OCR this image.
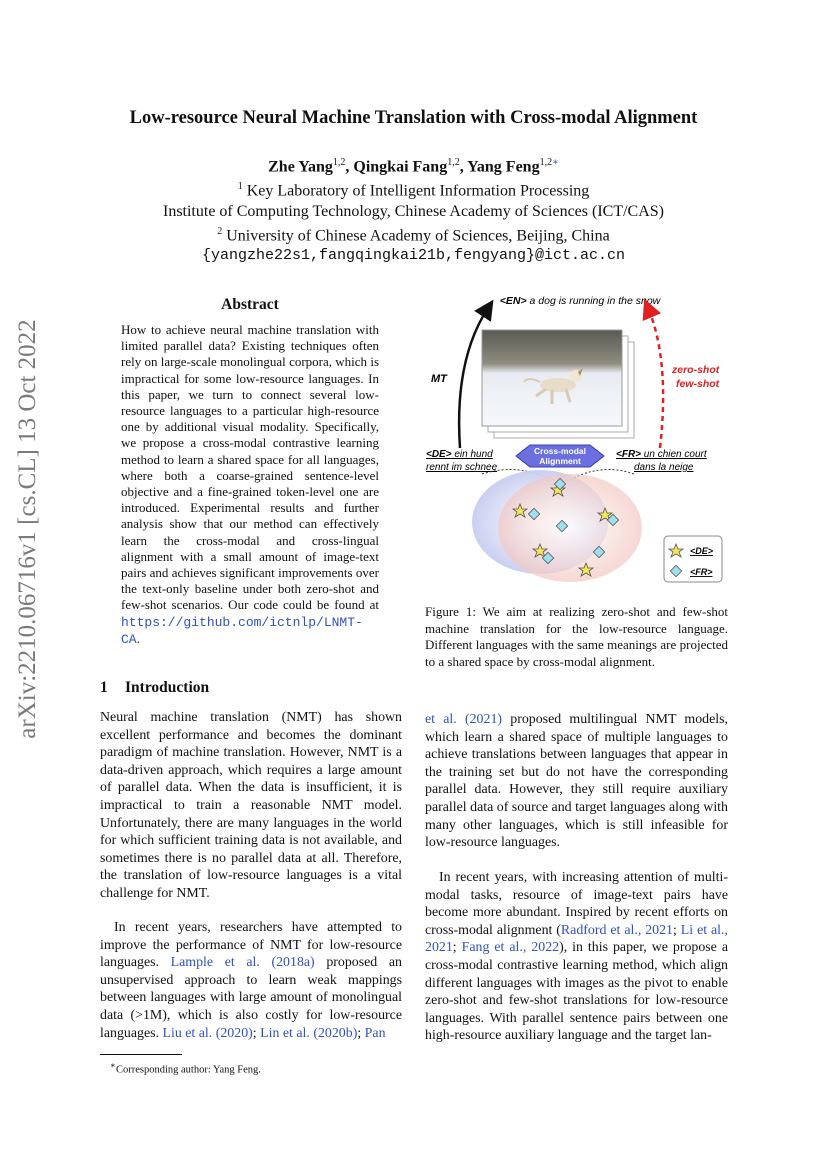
arXiv:2210.06716v1 [cs.CL] 13 Oct 2022
Low-resource Neural Machine Translation with Cross-modal Alignment
Zhe Yang$^{1,2}$, Qingkai Fang$^{1,2}$, Yang Feng$^{1,2∗}$
$^1$ Key Laboratory of Intelligent Information Processing
Institute of Computing Technology, Chinese Academy of Sciences (ICT/CAS)
$^2$ University of Chinese Academy of Sciences, Beijing, China
{yangzhe22s1,fangqingkai21b,fengyang}@ict.ac.cn
Abstract
How to achieve neural machine translation with limited parallel data? Existing techniques often rely on large-scale monolingual corpora, which is impractical for some low-resource languages. In this paper, we turn to connect several low-resource languages to a particular high-resource one by additional visual modality. Specifically, we propose a cross-modal contrastive learning method to learn a shared space for all languages, where both a coarse-grained sentence-level objective and a fine-grained token-level one are introduced. Experimental results and further analysis show that our method can effectively learn the cross-modal and cross-lingual alignment with a small amount of image-text pairs and achieves significant improvements over the text-only baseline under both zero-shot and few-shot scenarios. Our code could be found at https://github.com/ictnlp/LNMT-CA.
1 Introduction
Neural machine translation (NMT) has shown excellent performance and becomes the dominant paradigm of machine translation. However, NMT is a data-driven approach, which requires a large amount of parallel data. When the data is insufficient, it is impractical to train a reasonable NMT model. Unfortunately, there are many languages in the world for which sufficient training data is not available, and sometimes there is no parallel data at all. Therefore, the translation of low-resource languages is a vital challenge for NMT.
In recent years, researchers have attempted to improve the performance of NMT for low-resource languages. Lample et al. (2018a) proposed an unsupervised approach to learn weak mappings between languages with large amount of monolingual data (>1M), which is also costly for low-resource languages. Liu et al. (2020); Lin et al. (2020b); Pan
∗Corresponding author: Yang Feng.
<EN> a dog is running in the snow
MT
zero-shot
few-shot
<DE> ein hund
rennt im schnee
<FR> un chien court
dans la neige
Cross-modal
Alignment
<DE>
<FR>
Figure 1: We aim at realizing zero-shot and few-shot machine translation for the low-resource language. Different languages with the same meanings are projected to a shared space by cross-modal alignment.
et al. (2021) proposed multilingual NMT models, which learn a shared space of multiple languages to achieve translations between languages that appear in the training set but do not have the corresponding parallel data. However, they still require auxiliary parallel data of source and target languages along with many other languages, which is still infeasible for low-resource languages.
In recent years, with increasing attention of multi-modal tasks, resource of image-text pairs have become more abundant. Inspired by recent efforts on cross-modal alignment (Radford et al., 2021; Li et al., 2021; Fang et al., 2022), in this paper, we propose a cross-modal contrastive learning method, which align different languages with images as the pivot to enable zero-shot and few-shot translations for low-resource languages. With parallel sentence pairs between one high-resource auxiliary language and the target lan-
